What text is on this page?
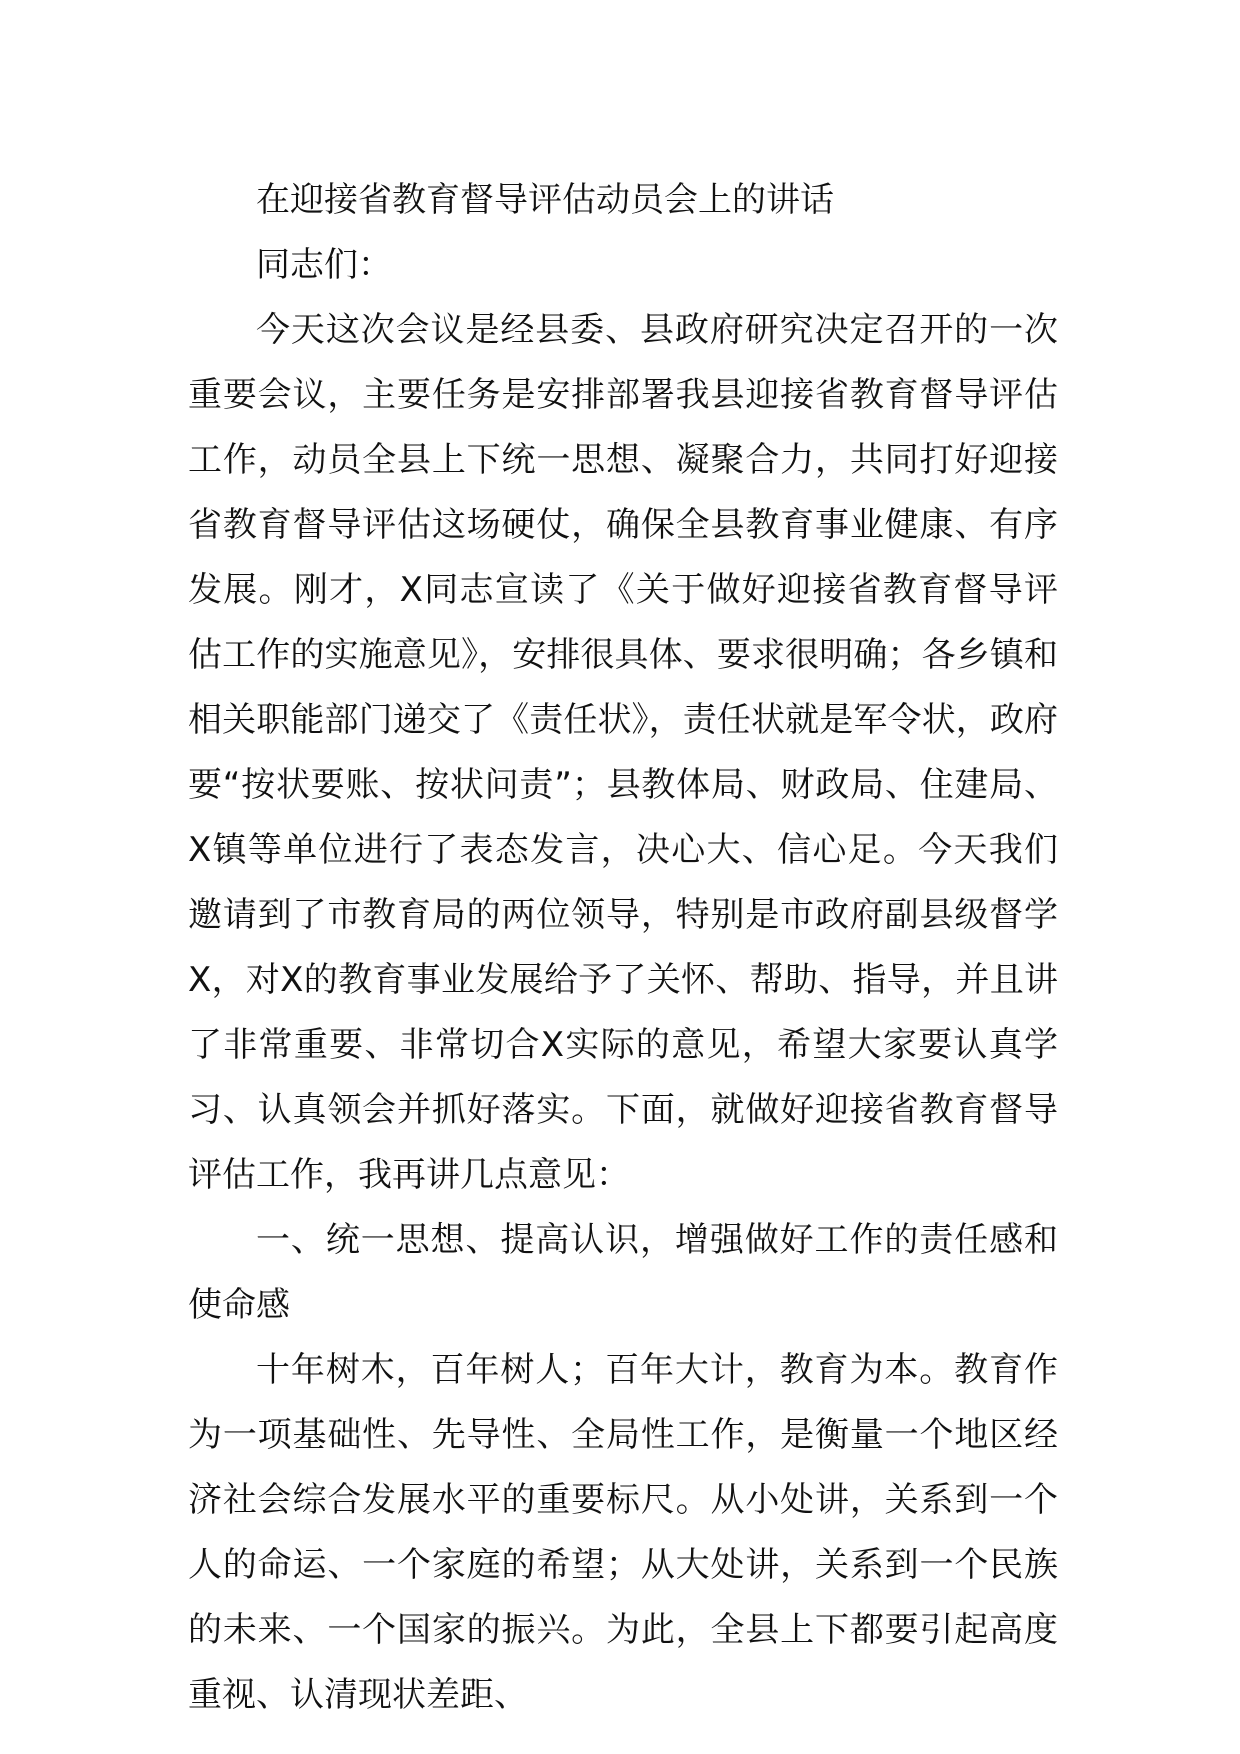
在迎接省教育督导评估动员会上的讲话

同志们：

今天这次会议是经县委、县政府研究决定召开的一次重要会议，主要任务是安排部署我县迎接省教育督导评估工作，动员全县上下统一思想、凝聚合力，共同打好迎接省教育督导评估这场硬仗，确保全县教育事业健康、有序发展。刚才，X同志宣读了《关于做好迎接省教育督导评估工作的实施意见》，安排很具体、要求很明确；各乡镇和相关职能部门递交了《责任状》，责任状就是军令状，政府要“按状要账、按状问责”；县教体局、财政局、住建局、X镇等单位进行了表态发言，决心大、信心足。今天我们邀请到了市教育局的两位领导，特别是市政府副县级督学X，对X的教育事业发展给予了关怀、帮助、指导，并且讲了非常重要、非常切合X实际的意见，希望大家要认真学习、认真领会并抓好落实。下面，就做好迎接省教育督导评估工作，我再讲几点意见：

一、统一思想、提高认识，增强做好工作的责任感和使命感

十年树木，百年树人；百年大计，教育为本。教育作为一项基础性、先导性、全局性工作，是衡量一个地区经济社会综合发展水平的重要标尺。从小处讲，关系到一个人的命运、一个家庭的希望；从大处讲，关系到一个民族的未来、一个国家的振兴。为此，全县上下都要引起高度重视、认清现状差距、
